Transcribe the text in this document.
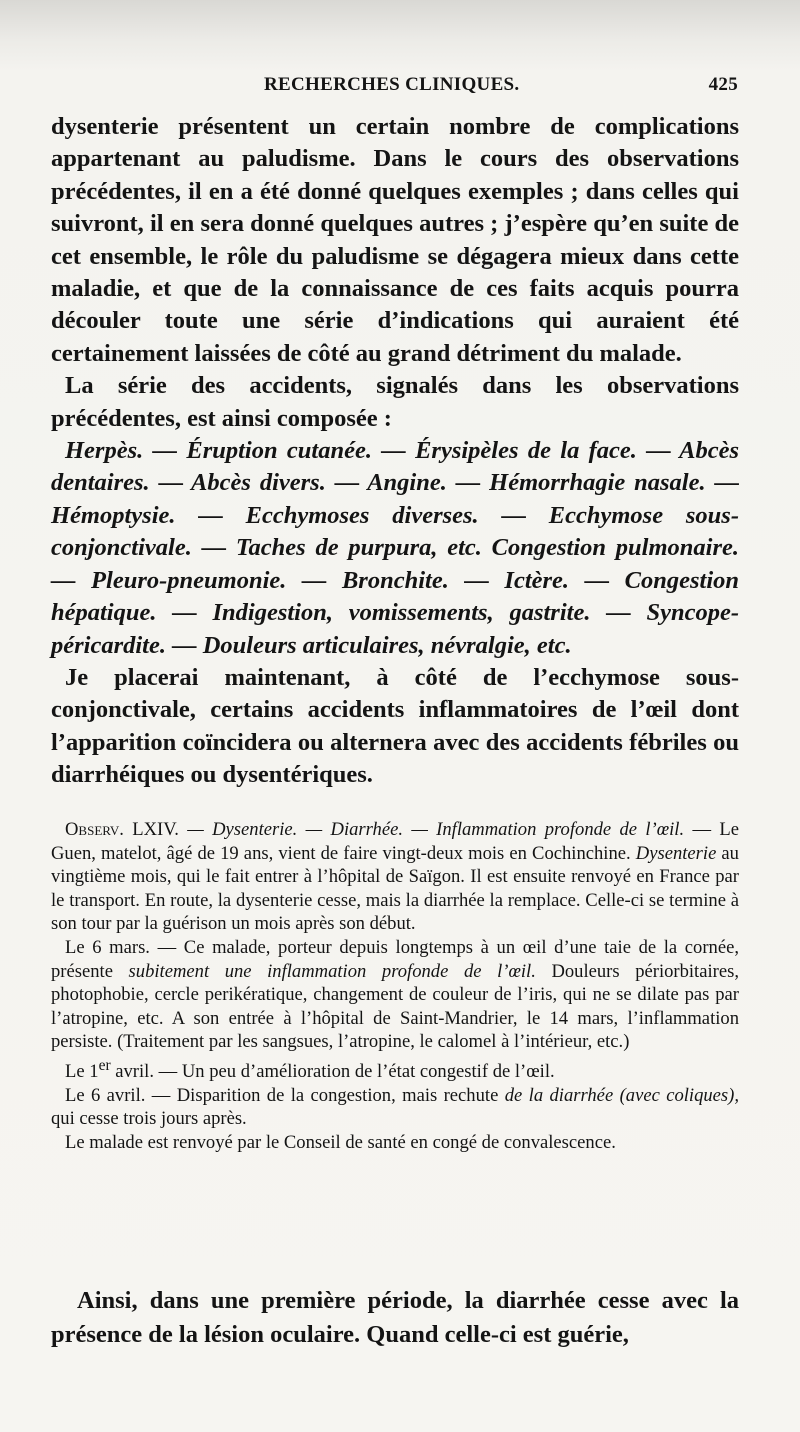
RECHERCHES CLINIQUES.	425

dysenterie présentent un certain nombre de complications appartenant au paludisme. Dans le cours des observations précédentes, il en a été donné quelques exemples ; dans celles qui suivront, il en sera donné quelques autres ; j’espère qu’en suite de cet ensemble, le rôle du paludisme se dégagera mieux dans cette maladie, et que de la connaissance de ces faits acquis pourra découler toute une série d’indications qui auraient été certainement laissées de côté au grand détriment du malade.

La série des accidents, signalés dans les observations précédentes, est ainsi composée :

Herpès. — Éruption cutanée. — Érysipèles de la face. — Abcès dentaires. — Abcès divers. — Angine. — Hémorrhagie nasale. — Hémoptysie. — Ecchymoses diverses. — Ecchymose sous-conjonctivale. — Taches de purpura, etc. Congestion pulmonaire. — Pleuro-pneumonie. — Bronchite. — Ictère. — Congestion hépatique. — Indigestion, vomissements, gastrite. — Syncope-péricardite. — Douleurs articulaires, névralgie, etc.

Je placerai maintenant, à côté de l’ecchymose sous-conjonctivale, certains accidents inflammatoires de l’œil dont l’apparition coïncidera ou alternera avec des accidents fébriles ou diarrhéiques ou dysentériques.

Observ. LXIV. — Dysenterie. — Diarrhée. — Inflammation profonde de l’œil. — Le Guen, matelot, âgé de 19 ans, vient de faire vingt-deux mois en Cochinchine. Dysenterie au vingtième mois, qui le fait entrer à l’hôpital de Saïgon. Il est ensuite renvoyé en France par le transport. En route, la dysenterie cesse, mais la diarrhée la remplace. Celle-ci se termine à son tour par la guérison un mois après son début.

Le 6 mars. — Ce malade, porteur depuis longtemps à un œil d’une taie de la cornée, présente subitement une inflammation profonde de l’œil. Douleurs périorbitaires, photophobie, cercle perikératique, changement de couleur de l’iris, qui ne se dilate pas par l’atropine, etc. A son entrée à l’hôpital de Saint-Mandrier, le 14 mars, l’inflammation persiste. (Traitement par les sangsues, l’atropine, le calomel à l’intérieur, etc.)

Le 1er avril. — Un peu d’amélioration de l’état congestif de l’œil.

Le 6 avril. — Disparition de la congestion, mais rechute de la diarrhée (avec coliques), qui cesse trois jours après.

Le malade est renvoyé par le Conseil de santé en congé de convalescence.

Ainsi, dans une première période, la diarrhée cesse avec la présence de la lésion oculaire. Quand celle-ci est guérie,
